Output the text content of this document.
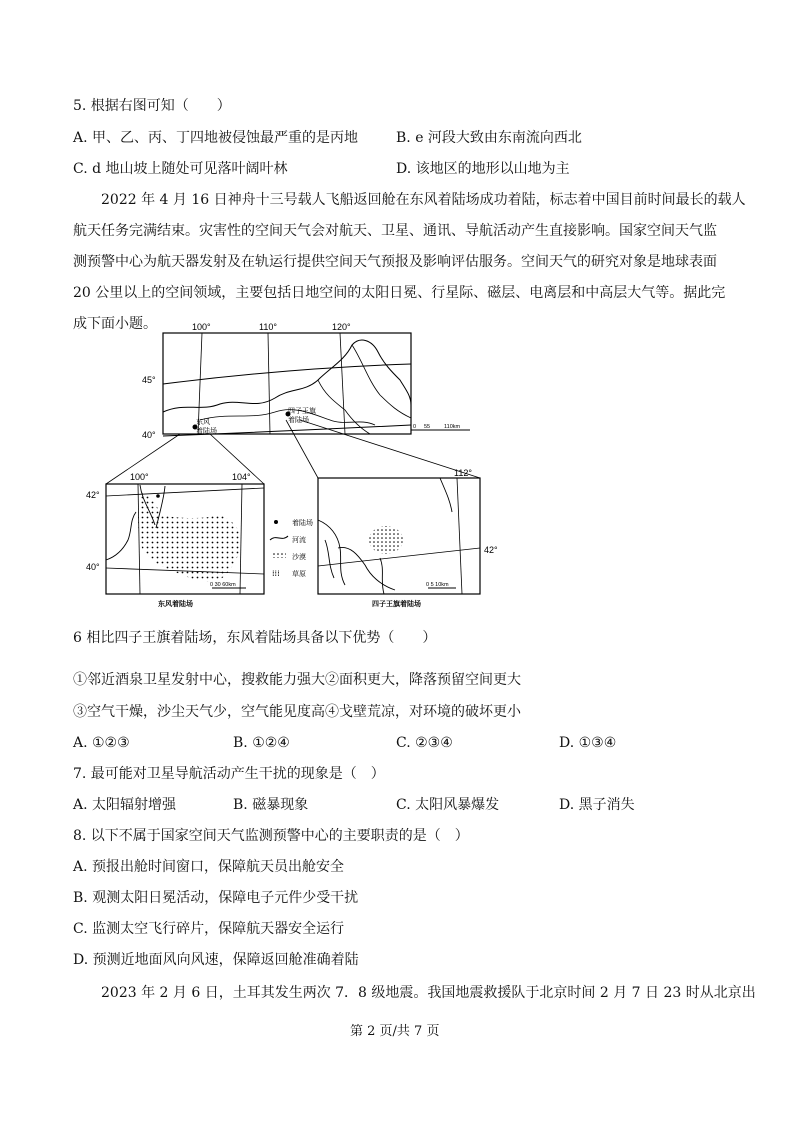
5. 根据右图可知（　　）
A. 甲、乙、丙、丁四地被侵蚀最严重的是丙地	B. e 河段大致由东南流向西北
C. d 地山坡上随处可见落叶阔叶林	D. 该地区的地形以山地为主
2022 年 4 月 16 日神舟十三号载人飞船返回舱在东风着陆场成功着陆，标志着中国目前时间最长的载人
航天任务完满结束。灾害性的空间天气会对航天、卫星、通讯、导航活动产生直接影响。国家空间天气监
测预警中心为航天器发射及在轨运行提供空间天气预报及影响评估服务。空间天气的研究对象是地球表面
20 公里以上的空间领域，主要包括日地空间的太阳日冕、行星际、磁层、电离层和中高层大气等。据此完
成下面小题。	100°	110°	120°
45°
40°
东风
着陆场
四子王旗
着陆场
0 55	110km
100°	104°
42°
40°
0 30 60km
东风着陆场
着陆场
河流
沙漠
⁞⁞⁞ 草原
112°
42°
0 5 10km
四子王旗着陆场
6 相比四子王旗着陆场，东风着陆场具备以下优势（　　）
①邻近酒泉卫星发射中心，搜救能力强大②面积更大，降落预留空间更大
③空气干燥，沙尘天气少，空气能见度高④戈壁荒凉，对环境的破坏更小
A. ①②③	B. ①②④	C. ②③④	D. ①③④
7. 最可能对卫星导航活动产生干扰的现象是（　）
A. 太阳辐射增强	B. 磁暴现象	C. 太阳风暴爆发	D. 黑子消失
8. 以下不属于国家空间天气监测预警中心的主要职责的是（　）
A. 预报出舱时间窗口，保障航天员出舱安全
B. 观测太阳日冕活动，保障电子元件少受干扰
C. 监测太空飞行碎片，保障航天器安全运行
D. 预测近地面风向风速，保障返回舱准确着陆
2023 年 2 月 6 日，土耳其发生两次 7．8 级地震。我国地震救援队于北京时间 2 月 7 日 23 时从北京出
第 2 页/共 7 页
